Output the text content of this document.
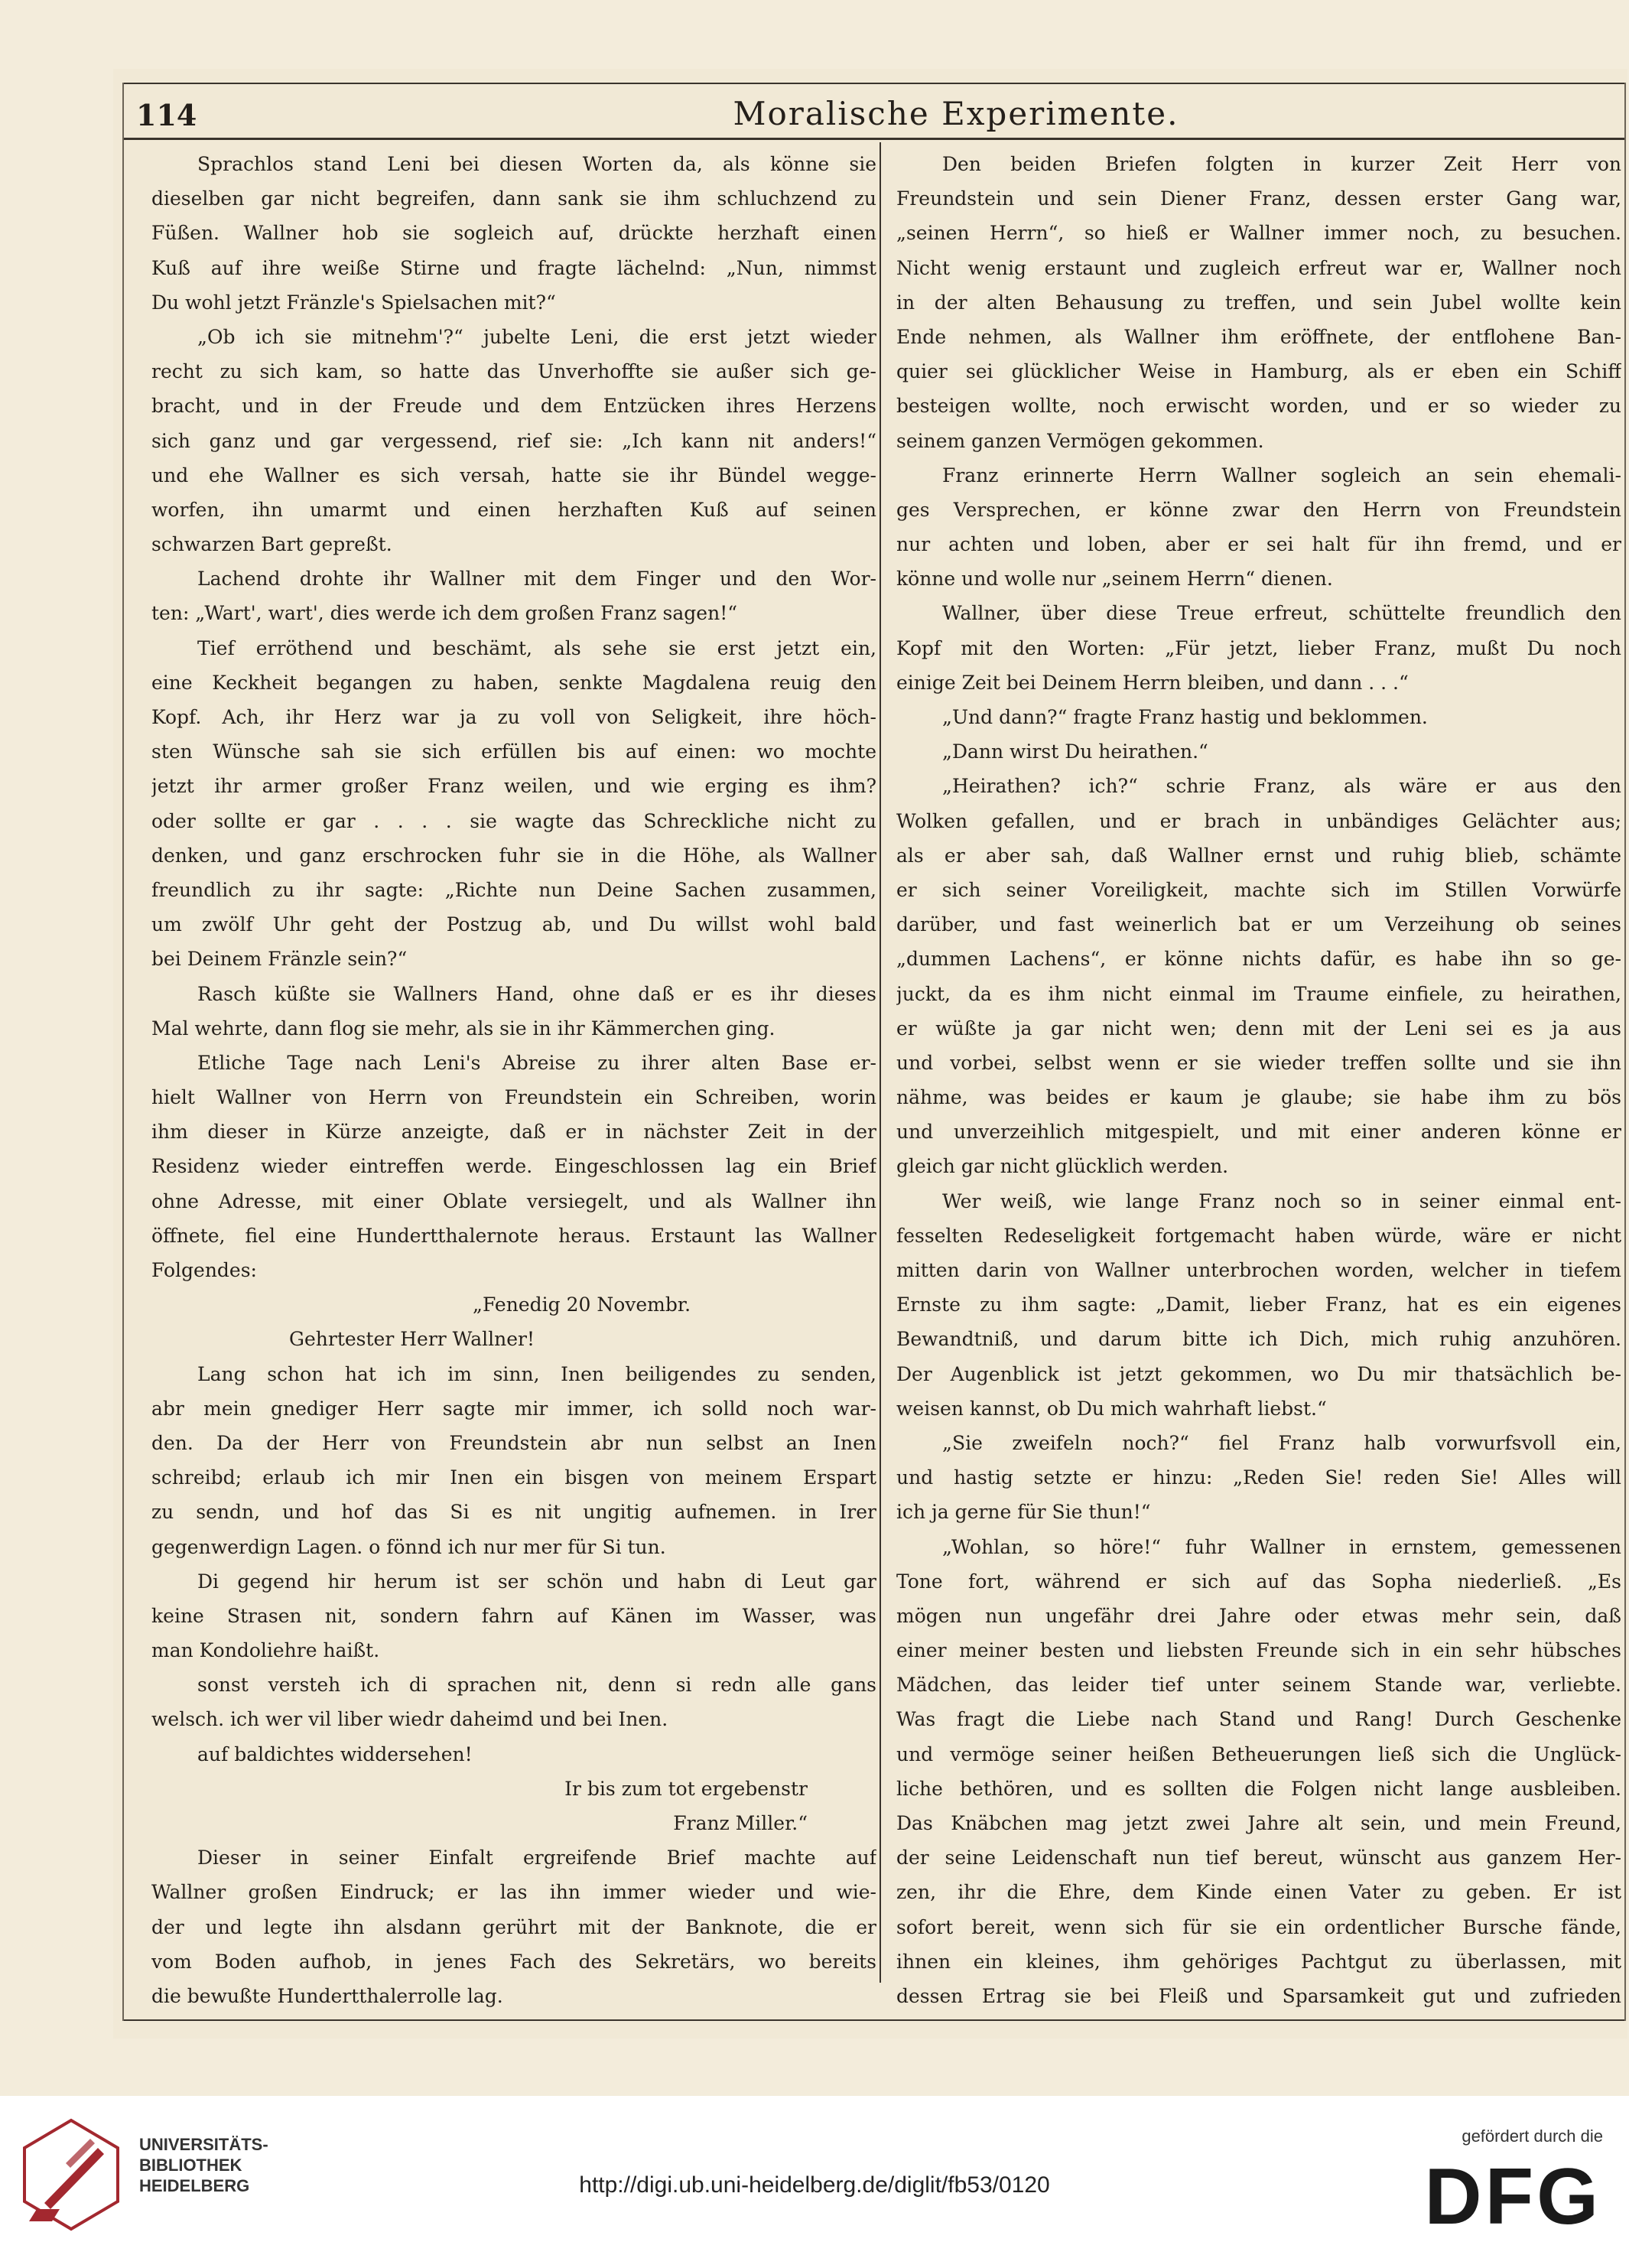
114	Moralische Experimente.
Sprachlos stand Leni bei diesen Worten da, als könne sie
dieselben gar nicht begreifen, dann sank sie ihm schluchzend zu
Füßen. Wallner hob sie sogleich auf, drückte herzhaft einen
Kuß auf ihre weiße Stirne und fragte lächelnd: „Nun, nimmst
Du wohl jetzt Fränzle's Spielsachen mit?“
„Ob ich sie mitnehm'?“ jubelte Leni, die erst jetzt wieder
recht zu sich kam, so hatte das Unverhoffte sie außer sich ge-
bracht, und in der Freude und dem Entzücken ihres Herzens
sich ganz und gar vergessend, rief sie: „Ich kann nit anders!“
und ehe Wallner es sich versah, hatte sie ihr Bündel wegge-
worfen, ihn umarmt und einen herzhaften Kuß auf seinen
schwarzen Bart gepreßt.
Lachend drohte ihr Wallner mit dem Finger und den Wor-
ten: „Wart', wart', dies werde ich dem großen Franz sagen!“
Tief erröthend und beschämt, als sehe sie erst jetzt ein,
eine Keckheit begangen zu haben, senkte Magdalena reuig den
Kopf. Ach, ihr Herz war ja zu voll von Seligkeit, ihre höch-
sten Wünsche sah sie sich erfüllen bis auf einen: wo mochte
jetzt ihr armer großer Franz weilen, und wie erging es ihm?
oder sollte er gar . . . . sie wagte das Schreckliche nicht zu
denken, und ganz erschrocken fuhr sie in die Höhe, als Wallner
freundlich zu ihr sagte: „Richte nun Deine Sachen zusammen,
um zwölf Uhr geht der Postzug ab, und Du willst wohl bald
bei Deinem Fränzle sein?“
Rasch küßte sie Wallners Hand, ohne daß er es ihr dieses
Mal wehrte, dann flog sie mehr, als sie in ihr Kämmerchen ging.
Etliche Tage nach Leni's Abreise zu ihrer alten Base er-
hielt Wallner von Herrn von Freundstein ein Schreiben, worin
ihm dieser in Kürze anzeigte, daß er in nächster Zeit in der
Residenz wieder eintreffen werde. Eingeschlossen lag ein Brief
ohne Adresse, mit einer Oblate versiegelt, und als Wallner ihn
öffnete, fiel eine Hundertthalernote heraus. Erstaunt las Wallner
Folgendes:
„Fenedig 20 Novembr.
Gehrtester Herr Wallner!
Lang schon hat ich im sinn, Inen beiligendes zu senden,
abr mein gnediger Herr sagte mir immer, ich solld noch war-
den. Da der Herr von Freundstein abr nun selbst an Inen
schreibd; erlaub ich mir Inen ein bisgen von meinem Erspart
zu sendn, und hof das Si es nit ungitig aufnemen. in Irer
gegenwerdign Lagen. o fönnd ich nur mer für Si tun.
Di gegend hir herum ist ser schön und habn di Leut gar
keine Strasen nit, sondern fahrn auf Känen im Wasser, was
man Kondoliehre haißt.
sonst versteh ich di sprachen nit, denn si redn alle gans
welsch. ich wer vil liber wiedr daheimd und bei Inen.
auf baldichtes widdersehen!
Ir bis zum tot ergebenstr
Franz Miller.“
Dieser in seiner Einfalt ergreifende Brief machte auf
Wallner großen Eindruck; er las ihn immer wieder und wie-
der und legte ihn alsdann gerührt mit der Banknote, die er
vom Boden aufhob, in jenes Fach des Sekretärs, wo bereits
die bewußte Hundertthalerrolle lag.
Den beiden Briefen folgten in kurzer Zeit Herr von
Freundstein und sein Diener Franz, dessen erster Gang war,
„seinen Herrn“, so hieß er Wallner immer noch, zu besuchen.
Nicht wenig erstaunt und zugleich erfreut war er, Wallner noch
in der alten Behausung zu treffen, und sein Jubel wollte kein
Ende nehmen, als Wallner ihm eröffnete, der entflohene Ban-
quier sei glücklicher Weise in Hamburg, als er eben ein Schiff
besteigen wollte, noch erwischt worden, und er so wieder zu
seinem ganzen Vermögen gekommen.
Franz erinnerte Herrn Wallner sogleich an sein ehemali-
ges Versprechen, er könne zwar den Herrn von Freundstein
nur achten und loben, aber er sei halt für ihn fremd, und er
könne und wolle nur „seinem Herrn“ dienen.
Wallner, über diese Treue erfreut, schüttelte freundlich den
Kopf mit den Worten: „Für jetzt, lieber Franz, mußt Du noch
einige Zeit bei Deinem Herrn bleiben, und dann . . .“
„Und dann?“ fragte Franz hastig und beklommen.
„Dann wirst Du heirathen.“
„Heirathen? ich?“ schrie Franz, als wäre er aus den
Wolken gefallen, und er brach in unbändiges Gelächter aus;
als er aber sah, daß Wallner ernst und ruhig blieb, schämte
er sich seiner Voreiligkeit, machte sich im Stillen Vorwürfe
darüber, und fast weinerlich bat er um Verzeihung ob seines
„dummen Lachens“, er könne nichts dafür, es habe ihn so ge-
juckt, da es ihm nicht einmal im Traume einfiele, zu heirathen,
er wüßte ja gar nicht wen; denn mit der Leni sei es ja aus
und vorbei, selbst wenn er sie wieder treffen sollte und sie ihn
nähme, was beides er kaum je glaube; sie habe ihm zu bös
und unverzeihlich mitgespielt, und mit einer anderen könne er
gleich gar nicht glücklich werden.
Wer weiß, wie lange Franz noch so in seiner einmal ent-
fesselten Redeseligkeit fortgemacht haben würde, wäre er nicht
mitten darin von Wallner unterbrochen worden, welcher in tiefem
Ernste zu ihm sagte: „Damit, lieber Franz, hat es ein eigenes
Bewandtniß, und darum bitte ich Dich, mich ruhig anzuhören.
Der Augenblick ist jetzt gekommen, wo Du mir thatsächlich be-
weisen kannst, ob Du mich wahrhaft liebst.“
„Sie zweifeln noch?“ fiel Franz halb vorwurfsvoll ein,
und hastig setzte er hinzu: „Reden Sie! reden Sie! Alles will
ich ja gerne für Sie thun!“
„Wohlan, so höre!“ fuhr Wallner in ernstem, gemessenen
Tone fort, während er sich auf das Sopha niederließ. „Es
mögen nun ungefähr drei Jahre oder etwas mehr sein, daß
einer meiner besten und liebsten Freunde sich in ein sehr hübsches
Mädchen, das leider tief unter seinem Stande war, verliebte.
Was fragt die Liebe nach Stand und Rang! Durch Geschenke
und vermöge seiner heißen Betheuerungen ließ sich die Unglück-
liche bethören, und es sollten die Folgen nicht lange ausbleiben.
Das Knäbchen mag jetzt zwei Jahre alt sein, und mein Freund,
der seine Leidenschaft nun tief bereut, wünscht aus ganzem Her-
zen, ihr die Ehre, dem Kinde einen Vater zu geben. Er ist
sofort bereit, wenn sich für sie ein ordentlicher Bursche fände,
ihnen ein kleines, ihm gehöriges Pachtgut zu überlassen, mit
dessen Ertrag sie bei Fleiß und Sparsamkeit gut und zufrieden
UNIVERSITÄTS-
BIBLIOTHEK
HEIDELBERG	http://digi.ub.uni-heidelberg.de/diglit/fb53/0120
gefördert durch die
DFG
